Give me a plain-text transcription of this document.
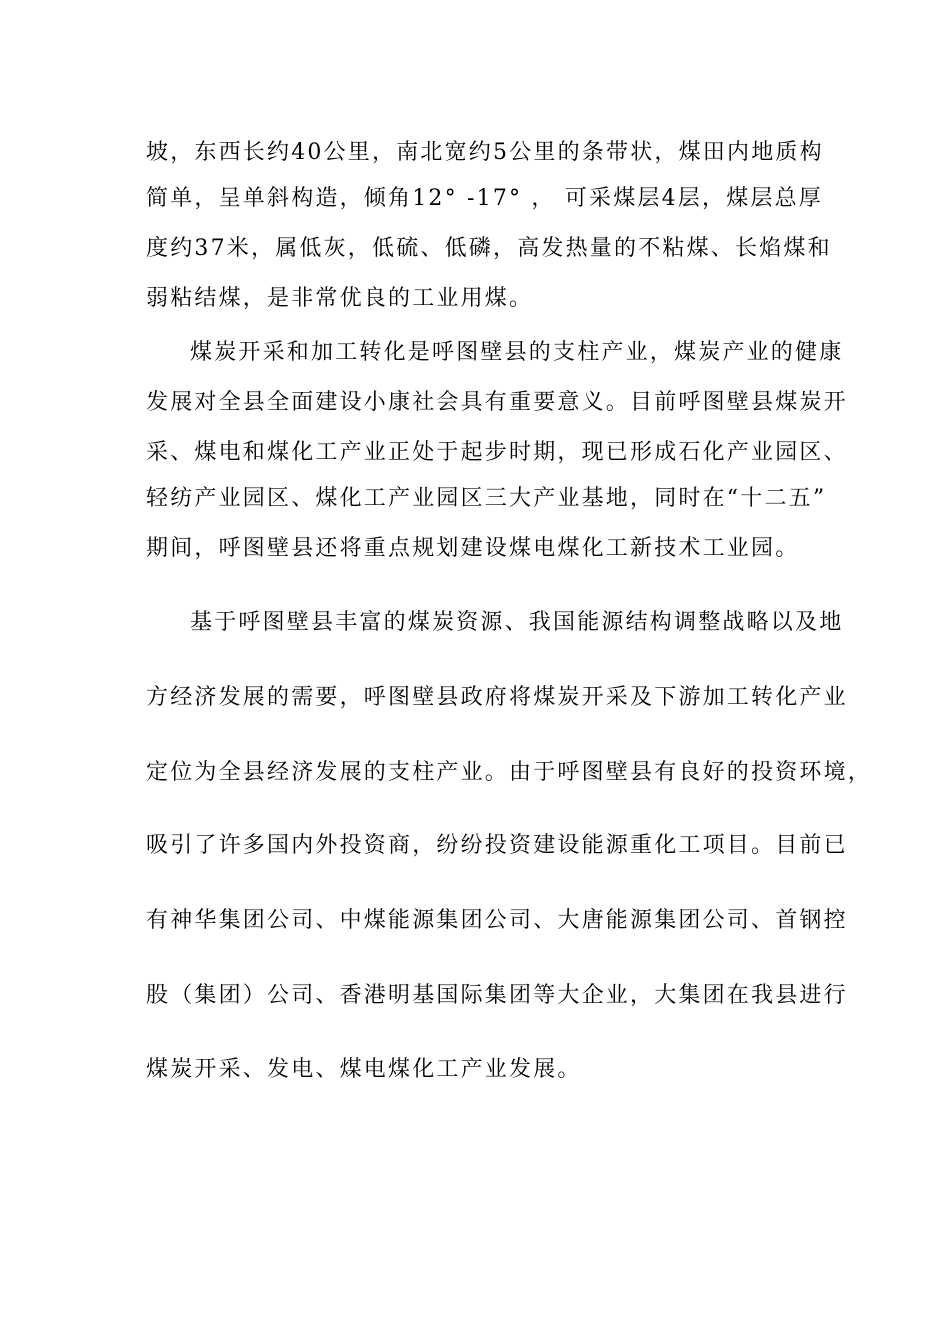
坡，东西长约40公里，南北宽约5公里的条带状，煤田内地质构
简单，呈单斜构造，倾角12° -17° ， 可采煤层4层，煤层总厚
度约37米，属低灰，低硫、低磷，高发热量的不粘煤、长焰煤和
弱粘结煤，是非常优良的工业用煤。
煤炭开采和加工转化是呼图壁县的支柱产业，煤炭产业的健康
发展对全县全面建设小康社会具有重要意义。目前呼图壁县煤炭开
采、煤电和煤化工产业正处于起步时期，现已形成石化产业园区、
轻纺产业园区、煤化工产业园区三大产业基地，同时在“十二五”
期间，呼图壁县还将重点规划建设煤电煤化工新技术工业园。
基于呼图壁县丰富的煤炭资源、我国能源结构调整战略以及地
方经济发展的需要，呼图壁县政府将煤炭开采及下游加工转化产业
定位为全县经济发展的支柱产业。由于呼图壁县有良好的投资环境，
吸引了许多国内外投资商，纷纷投资建设能源重化工项目。目前已
有神华集团公司、中煤能源集团公司、大唐能源集团公司、首钢控
股（集团）公司、香港明基国际集团等大企业，大集团在我县进行
煤炭开采、发电、煤电煤化工产业发展。
